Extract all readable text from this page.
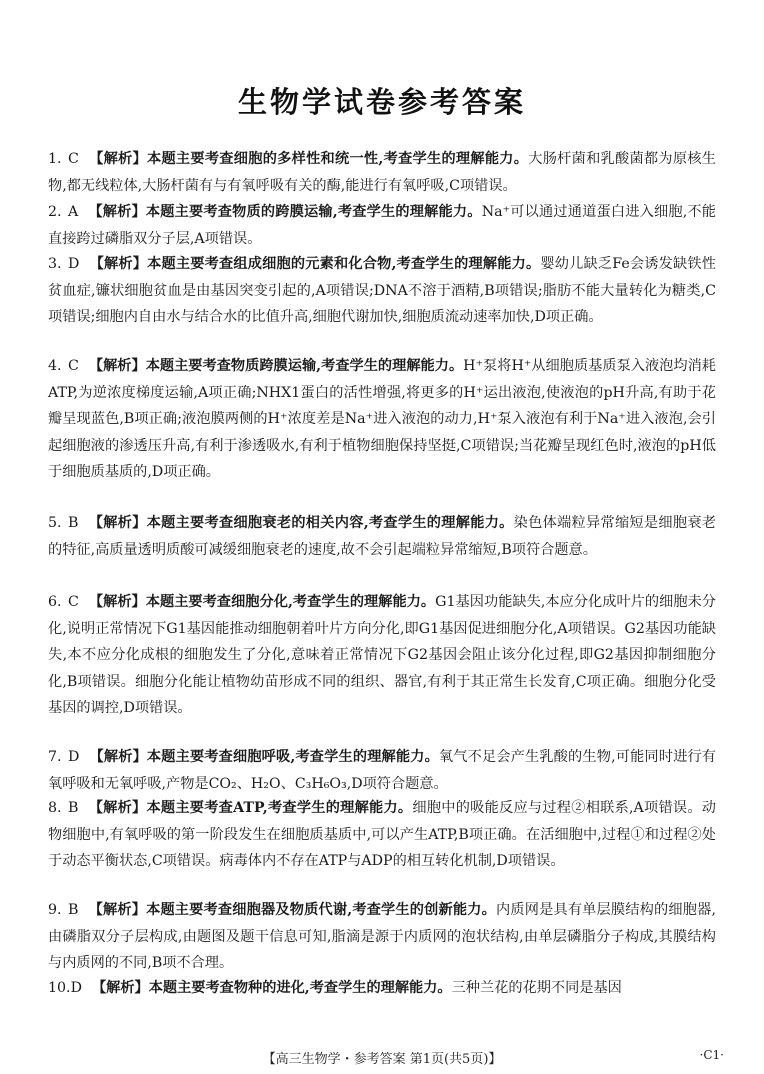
生物学试卷参考答案
1. C 【解析】本题主要考查细胞的多样性和统一性,考查学生的理解能力。大肠杆菌和乳酸菌都为原核生物,都无线粒体,大肠杆菌有与有氧呼吸有关的酶,能进行有氧呼吸,C项错误。
2. A 【解析】本题主要考查物质的跨膜运输,考查学生的理解能力。Na⁺可以通过通道蛋白进入细胞,不能直接跨过磷脂双分子层,A项错误。
3. D 【解析】本题主要考查组成细胞的元素和化合物,考查学生的理解能力。婴幼儿缺乏Fe会诱发缺铁性贫血症,镰状细胞贫血是由基因突变引起的,A项错误;DNA不溶于酒精,B项错误;脂肪不能大量转化为糖类,C项错误;细胞内自由水与结合水的比值升高,细胞代谢加快,细胞质流动速率加快,D项正确。
4. C 【解析】本题主要考查物质跨膜运输,考查学生的理解能力。H⁺泵将H⁺从细胞质基质泵入液泡均消耗ATP,为逆浓度梯度运输,A项正确;NHX1蛋白的活性增强,将更多的H⁺运出液泡,使液泡的pH升高,有助于花瓣呈现蓝色,B项正确;液泡膜两侧的H⁺浓度差是Na⁺进入液泡的动力,H⁺泵入液泡有利于Na⁺进入液泡,会引起细胞液的渗透压升高,有利于渗透吸水,有利于植物细胞保持坚挺,C项错误;当花瓣呈现红色时,液泡的pH低于细胞质基质的,D项正确。
5. B 【解析】本题主要考查细胞衰老的相关内容,考查学生的理解能力。染色体端粒异常缩短是细胞衰老的特征,高质量透明质酸可减缓细胞衰老的速度,故不会引起端粒异常缩短,B项符合题意。
6. C 【解析】本题主要考查细胞分化,考查学生的理解能力。G1基因功能缺失,本应分化成叶片的细胞未分化,说明正常情况下G1基因能推动细胞朝着叶片方向分化,即G1基因促进细胞分化,A项错误。G2基因功能缺失,本不应分化成根的细胞发生了分化,意味着正常情况下G2基因会阻止该分化过程,即G2基因抑制细胞分化,B项错误。细胞分化能让植物幼苗形成不同的组织、器官,有利于其正常生长发育,C项正确。细胞分化受基因的调控,D项错误。
7. D 【解析】本题主要考查细胞呼吸,考查学生的理解能力。氧气不足会产生乳酸的生物,可能同时进行有氧呼吸和无氧呼吸,产物是CO₂、H₂O、C₃H₆O₃,D项符合题意。
8. B 【解析】本题主要考查ATP,考查学生的理解能力。细胞中的吸能反应与过程②相联系,A项错误。动物细胞中,有氧呼吸的第一阶段发生在细胞质基质中,可以产生ATP,B项正确。在活细胞中,过程①和过程②处于动态平衡状态,C项错误。病毒体内不存在ATP与ADP的相互转化机制,D项错误。
9. B 【解析】本题主要考查细胞器及物质代谢,考查学生的创新能力。内质网是具有单层膜结构的细胞器,由磷脂双分子层构成,由题图及题干信息可知,脂滴是源于内质网的泡状结构,由单层磷脂分子构成,其膜结构与内质网的不同,B项不合理。
10.D 【解析】本题主要考查物种的进化,考查学生的理解能力。三种兰花的花期不同是基因
【高三生物学・参考答案 第1页(共5页)】	·C1·
